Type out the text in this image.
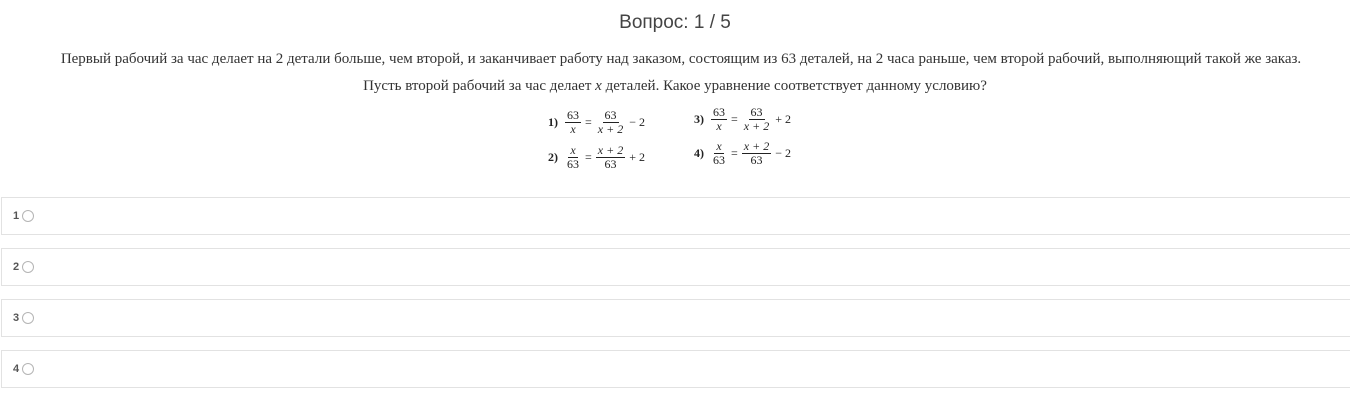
Вопрос: 1 / 5
Первый рабочий за час делает на 2 детали больше, чем второй, и заканчивает работу над заказом, состоящим из 63 деталей, на 2 часа раньше, чем второй рабочий, выполняющий такой же заказ.
Пусть второй рабочий за час делает x деталей. Какое уравнение соответствует данному условию?
$1) \frac{63}{x} = \frac{63}{x + 2} - 2$
$2) \frac{x}{63} = \frac{x + 2}{63} + 2$
$3) \frac{63}{x} = \frac{63}{x + 2} + 2$
$4) \frac{x}{63} = \frac{x + 2}{63} - 2$
1
2
3
4
